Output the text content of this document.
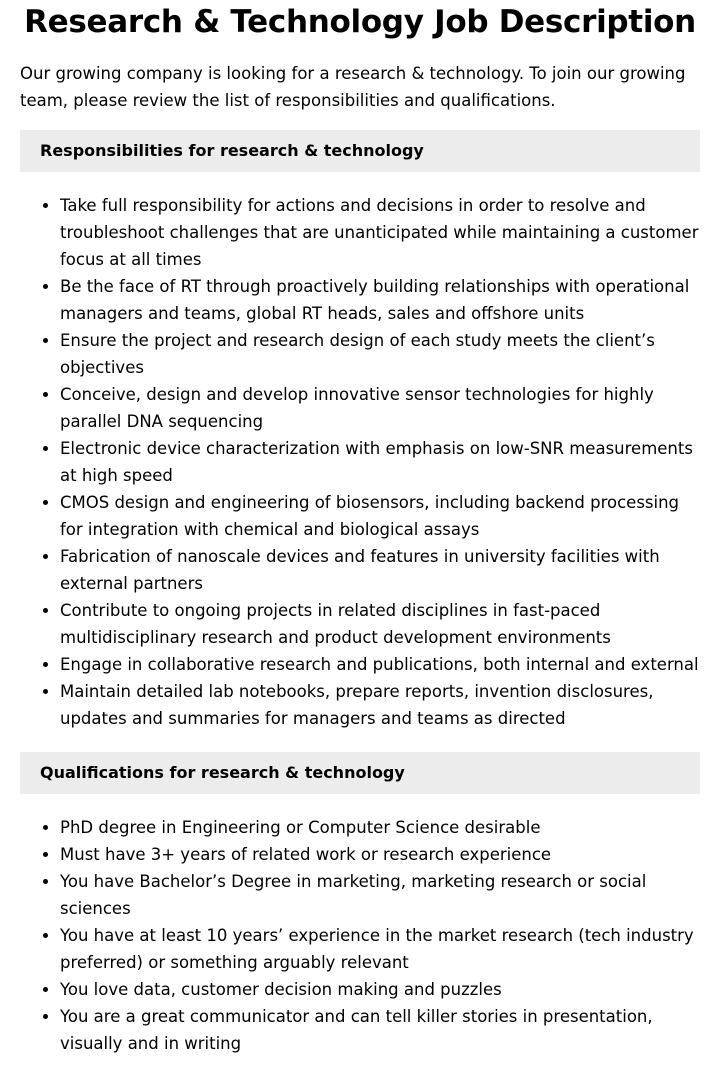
Research & Technology Job Description

Our growing company is looking for a research & technology. To join our growing team, please review the list of responsibilities and qualifications.

Responsibilities for research & technology
• Take full responsibility for actions and decisions in order to resolve and troubleshoot challenges that are unanticipated while maintaining a customer focus at all times
• Be the face of RT through proactively building relationships with operational managers and teams, global RT heads, sales and offshore units
• Ensure the project and research design of each study meets the client’s objectives
• Conceive, design and develop innovative sensor technologies for highly parallel DNA sequencing
• Electronic device characterization with emphasis on low-SNR measurements at high speed
• CMOS design and engineering of biosensors, including backend processing for integration with chemical and biological assays
• Fabrication of nanoscale devices and features in university facilities with external partners
• Contribute to ongoing projects in related disciplines in fast-paced multidisciplinary research and product development environments
• Engage in collaborative research and publications, both internal and external
• Maintain detailed lab notebooks, prepare reports, invention disclosures, updates and summaries for managers and teams as directed
Qualifications for research & technology
• PhD degree in Engineering or Computer Science desirable
• Must have 3+ years of related work or research experience
• You have Bachelor’s Degree in marketing, marketing research or social sciences
• You have at least 10 years’ experience in the market research (tech industry preferred) or something arguably relevant
• You love data, customer decision making and puzzles
• You are a great communicator and can tell killer stories in presentation, visually and in writing
